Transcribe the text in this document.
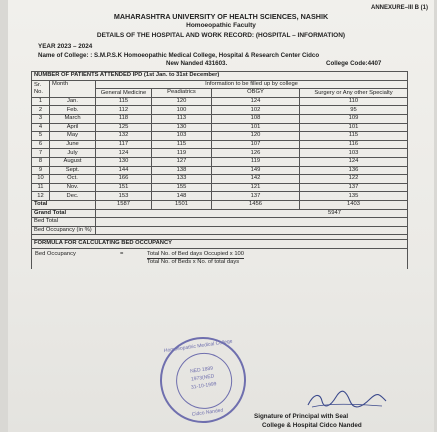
ANNEXURE–III B (1)
MAHARASHTRA UNIVERSITY OF HEALTH SCIENCES, NASHIK
Homoeopathic Faculty
DETAILS OF THE HOSPITAL AND WORK RECORD: (HOSPITAL – INFORMATION)
YEAR 2023 – 2024
Name of College: : S.M.P.S.K Homoeopathic Medical College, Hospital & Research Center Cidco
New Nanded 431603.	College Code:4407
NUMBER OF PATIENTS ATTENDED IPD (1st Jan. to 31st December)					
Sr. No.	Month	Information to be filled up by college			
		General Medicine	Peadiatrics	OBGY	Surgery or Any other Specialty
1	Jan.	115	120	124	110
2	Feb.	112	100	102	95
3	March	118	113	108	109
4	April	125	130	101	101
5	May	132	103	120	115
6	June	117	115	107	116
7	July	124	119	126	103
8	August	130	127	119	124
9	Sept.	144	138	149	136
10	Oct.	166	133	142	122
11	Nov.	151	155	121	137
12	Dec.	153	148	137	135
Total		1587	1501	1456	1403
Grand Total		5947			
Bed Total					
Bed Occupancy (in %)					

FORMULA FOR CALCULATING BED OCCUPANCY					

Bed Occupancy = Total No. of Bed days Occupied x 100
Total No. of Beds x No. of total days					
Homoeopathic Medical College
NED 1889
1973(NED
31-10-1999
Cidco Nanded	Signature of Principal with Seal
College & Hospital Cidco Nanded
